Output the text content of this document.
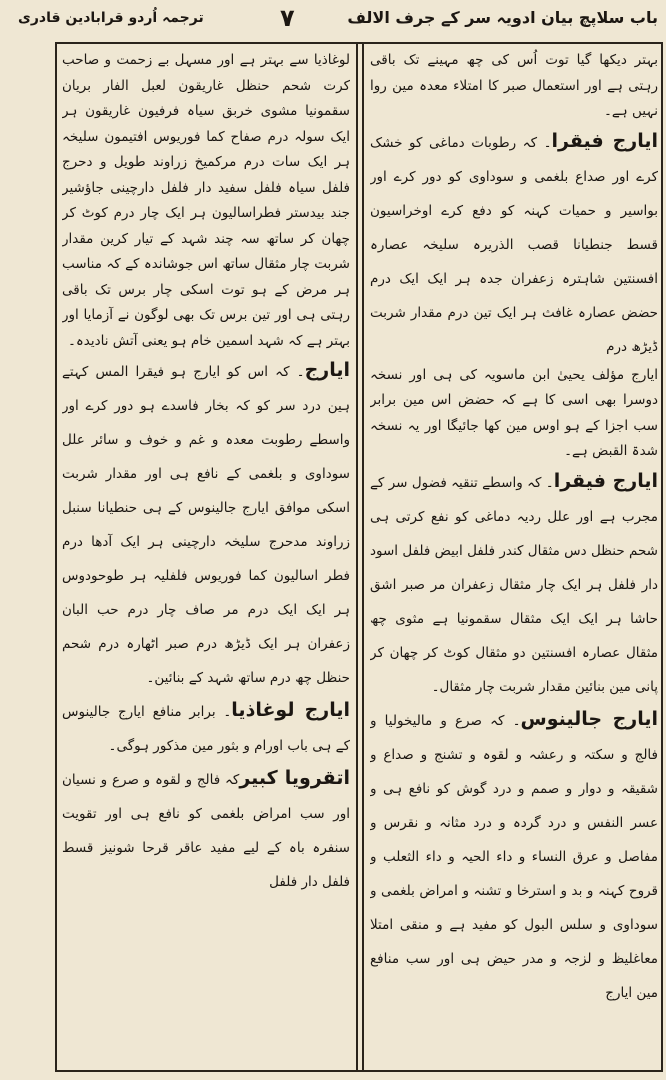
باب سلاپچ بیان ادویہ سر کے جرف الالف
۷
ترجمہ اُردو قرابادین قادری

بہتر دیکھا گیا توت اُس کی چھ مہینے تک باقی رہتی ہے اور استعمال صبر کا امتلاء معدہ مین روا نہیں ہے۔

ایارج فیقرا۔ کہ رطوبات دماغی کو خشک کرے اور صداع بلغمی و سوداوی کو دور کرے اور بواسیر و حمیات کہنہ کو دفع کرے اوخراسیون قسط جنطیانا قصب الذریرہ سلیخہ عصارہ افسنتین شاہترہ زعفران جدہ ہر ایک ایک درم حضض عصارہ غافث ہر ایک تین درم مقدار شربت ڈیڑھ درم

ایارج مؤلف یحییٰ ابن ماسویہ کی ہی اور نسخہ دوسرا بھی اسی کا ہے کہ حضض اس مین برابر سب اجزا کے ہو اوس مین کھا جائیگا اور یہ نسخہ شدۃ القبض ہے۔

ایارج فیقرا۔ کہ واسطے تنقیہ فضول سر کے مجرب ہے اور علل ردیہ دماغی کو نفع کرتی ہی شحم حنظل دس مثقال کندر فلفل ابیض فلفل اسود دار فلفل ہر ایک چار مثقال زعفران مر صبر اشق حاشا ہر ایک ایک مثقال سقمونیا ہے مثوی چھ مثقال عصارہ افسنتین دو مثقال کوٹ کر چھان کر پانی مین بنائین مقدار شربت چار مثقال۔

ایارج جالینوس۔ کہ صرع و مالیخولیا و فالج و سکتہ و رعشہ و لقوہ و تشنج و صداع و شقیقہ و دوار و صمم و درد گوش کو نافع ہی و عسر النفس و درد گردہ و درد مثانہ و نقرس و مفاصل و عرق النساء و داء الحیہ و داء الثعلب و قروح کہنہ و بد و استرخا و تشنہ و امراض بلغمی و سوداوی و سلس البول کو مفید ہے و منقی امتلا معاغلیظ و لزجہ و مدر حیض ہی اور سب منافع مین ایارج

لوغاذیا سے بہتر ہے اور مسہل بے زحمت و صاحب کرت شحم حنظل غاریقون لعبل الفار بریان سقمونیا مشوی خربق سیاہ فرفیون غاریقون ہر ایک سولہ درم صفاح کما فوریوس افتیمون سلیخہ ہر ایک سات درم مرکمیخ زراوند طویل و دحرج فلفل سیاہ فلفل سفید دار فلفل دارچینی جاؤشیر جند بیدستر فطراسالیون ہر ایک چار درم کوٹ کر چھان کر ساتھ سہ چند شہد کے تیار کرین مقدار شربت چار مثقال ساتھ اس جوشاندہ کے کہ مناسب ہر مرض کے ہو توت اسکی چار برس تک باقی رہتی ہی اور تین برس تک بھی لوگون نے آزمایا اور بہتر ہے کہ شہد اسمین خام ہو یعنی آتش نادیدہ۔

ایارج۔ کہ اس کو ایارج ہو فیقرا المس کہتے ہین درد سر کو کہ بخار فاسدے ہو دور کرے اور واسطے رطوبت معدہ و غم و خوف و سائر علل سوداوی و بلغمی کے نافع ہی اور مقدار شربت اسکی موافق ایارج جالینوس کے ہی حنطیانا سنبل زراوند مدحرج سلیخہ دارچینی ہر ایک آدھا درم فطر اسالیون کما فوریوس فلفلیہ ہر طوحودوس ہر ایک ایک درم مر صاف چار درم حب البان زعفران ہر ایک ڈیڑھ درم صبر اٹھارہ درم شحم حنظل چھ درم ساتھ شہد کے بنائین۔

ایارج لوغاذیا۔ برابر منافع ایارج جالینوس کے ہی باب اورام و بثور مین مذکور ہوگی۔

اتقرویا کبیرکہ فالج و لقوہ و صرع و نسیان اور سب امراض بلغمی کو نافع ہی اور تقویت سنفرہ باہ کے لیے مفید عاقر قرحا شونیز قسط فلفل دار فلفل
